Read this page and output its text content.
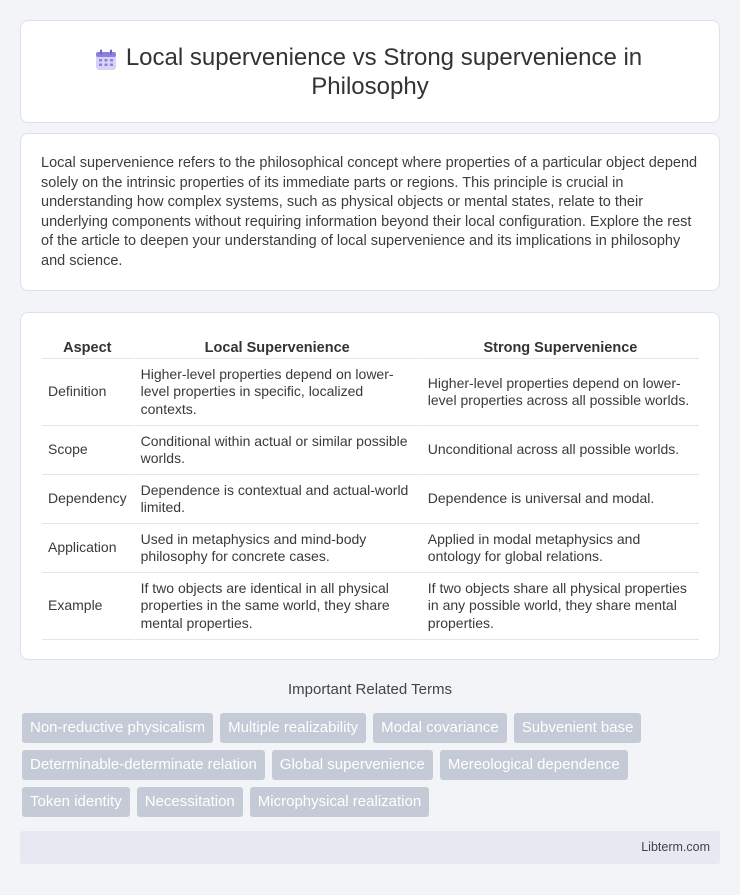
Local supervenience vs Strong supervenience in
Philosophy

Local supervenience refers to the philosophical concept where properties of a particular object depend solely on the intrinsic properties of its immediate parts or regions. This principle is crucial in understanding how complex systems, such as physical objects or mental states, relate to their underlying components without requiring information beyond their local configuration. Explore the rest of the article to deepen your understanding of local supervenience and its implications in philosophy and science.

Aspect	Local Supervenience	Strong Supervenience
Definition	Higher-level properties depend on lower-level properties in specific, localized contexts.	Higher-level properties depend on lower-level properties across all possible worlds.
Scope	Conditional within actual or similar possible worlds.	Unconditional across all possible worlds.
Dependency	Dependence is contextual and actual-world limited.	Dependence is universal and modal.
Application	Used in metaphysics and mind-body philosophy for concrete cases.	Applied in modal metaphysics and ontology for global relations.
Example	If two objects are identical in all physical properties in the same world, they share mental properties.	If two objects share all physical properties in any possible world, they share mental properties.
Important Related Terms
Non-reductive physicalism	Multiple realizability	Modal covariance	Subvenient base
Determinable-determinate relation	Global supervenience	Mereological dependence
Token identity	Necessitation	Microphysical realization
Libterm.com
